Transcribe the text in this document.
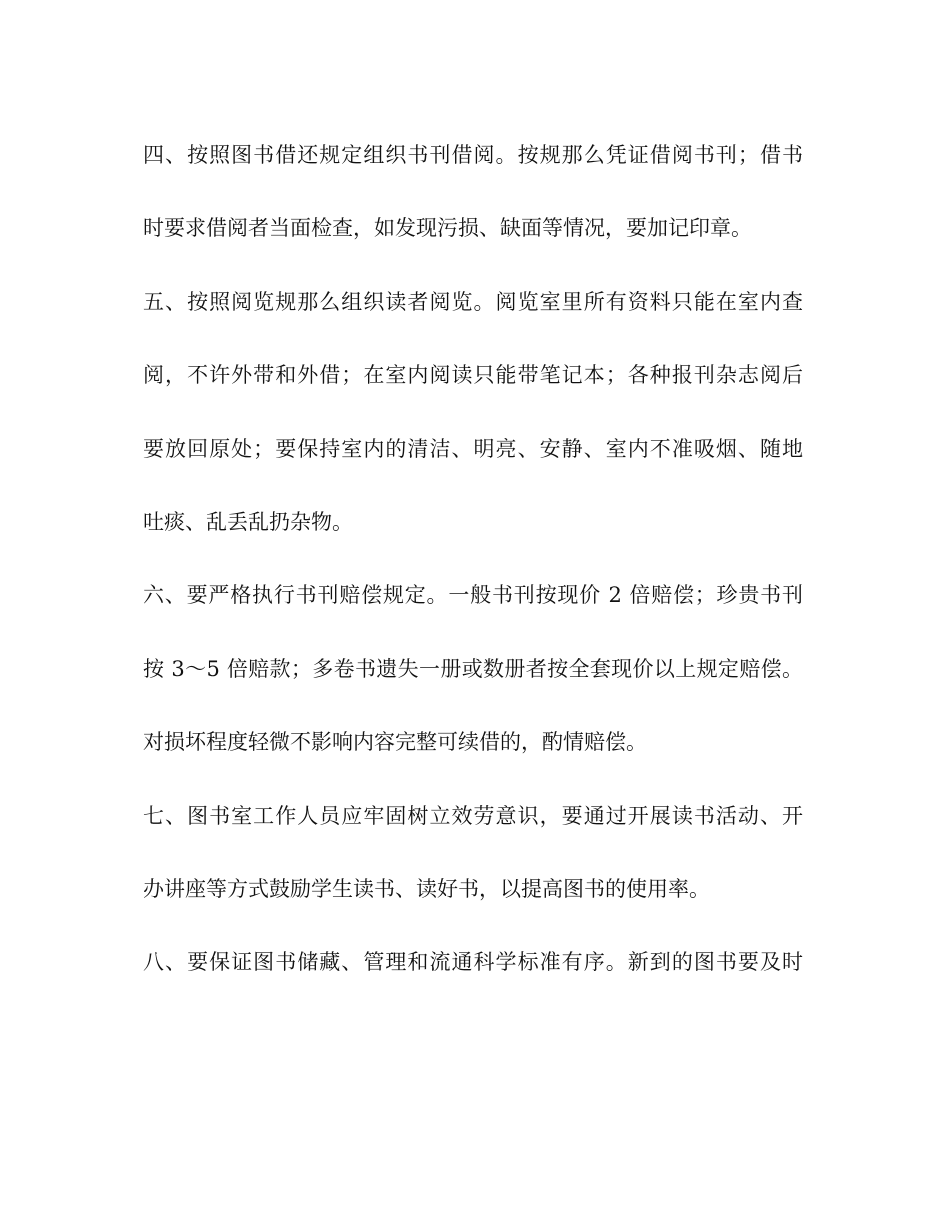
四、按照图书借还规定组织书刊借阅。按规那么凭证借阅书刊；借书
时要求借阅者当面检查，如发现污损、缺面等情况，要加记印章。
五、按照阅览规那么组织读者阅览。阅览室里所有资料只能在室内查
阅，不许外带和外借；在室内阅读只能带笔记本；各种报刊杂志阅后
要放回原处；要保持室内的清洁、明亮、安静、室内不准吸烟、随地
吐痰、乱丢乱扔杂物。
六、要严格执行书刊赔偿规定。一般书刊按现价 2 倍赔偿；珍贵书刊
按 3～5 倍赔款；多卷书遗失一册或数册者按全套现价以上规定赔偿。
对损坏程度轻微不影响内容完整可续借的，酌情赔偿。
七、图书室工作人员应牢固树立效劳意识，要通过开展读书活动、开
办讲座等方式鼓励学生读书、读好书，以提高图书的使用率。
八、要保证图书储藏、管理和流通科学标准有序。新到的图书要及时
